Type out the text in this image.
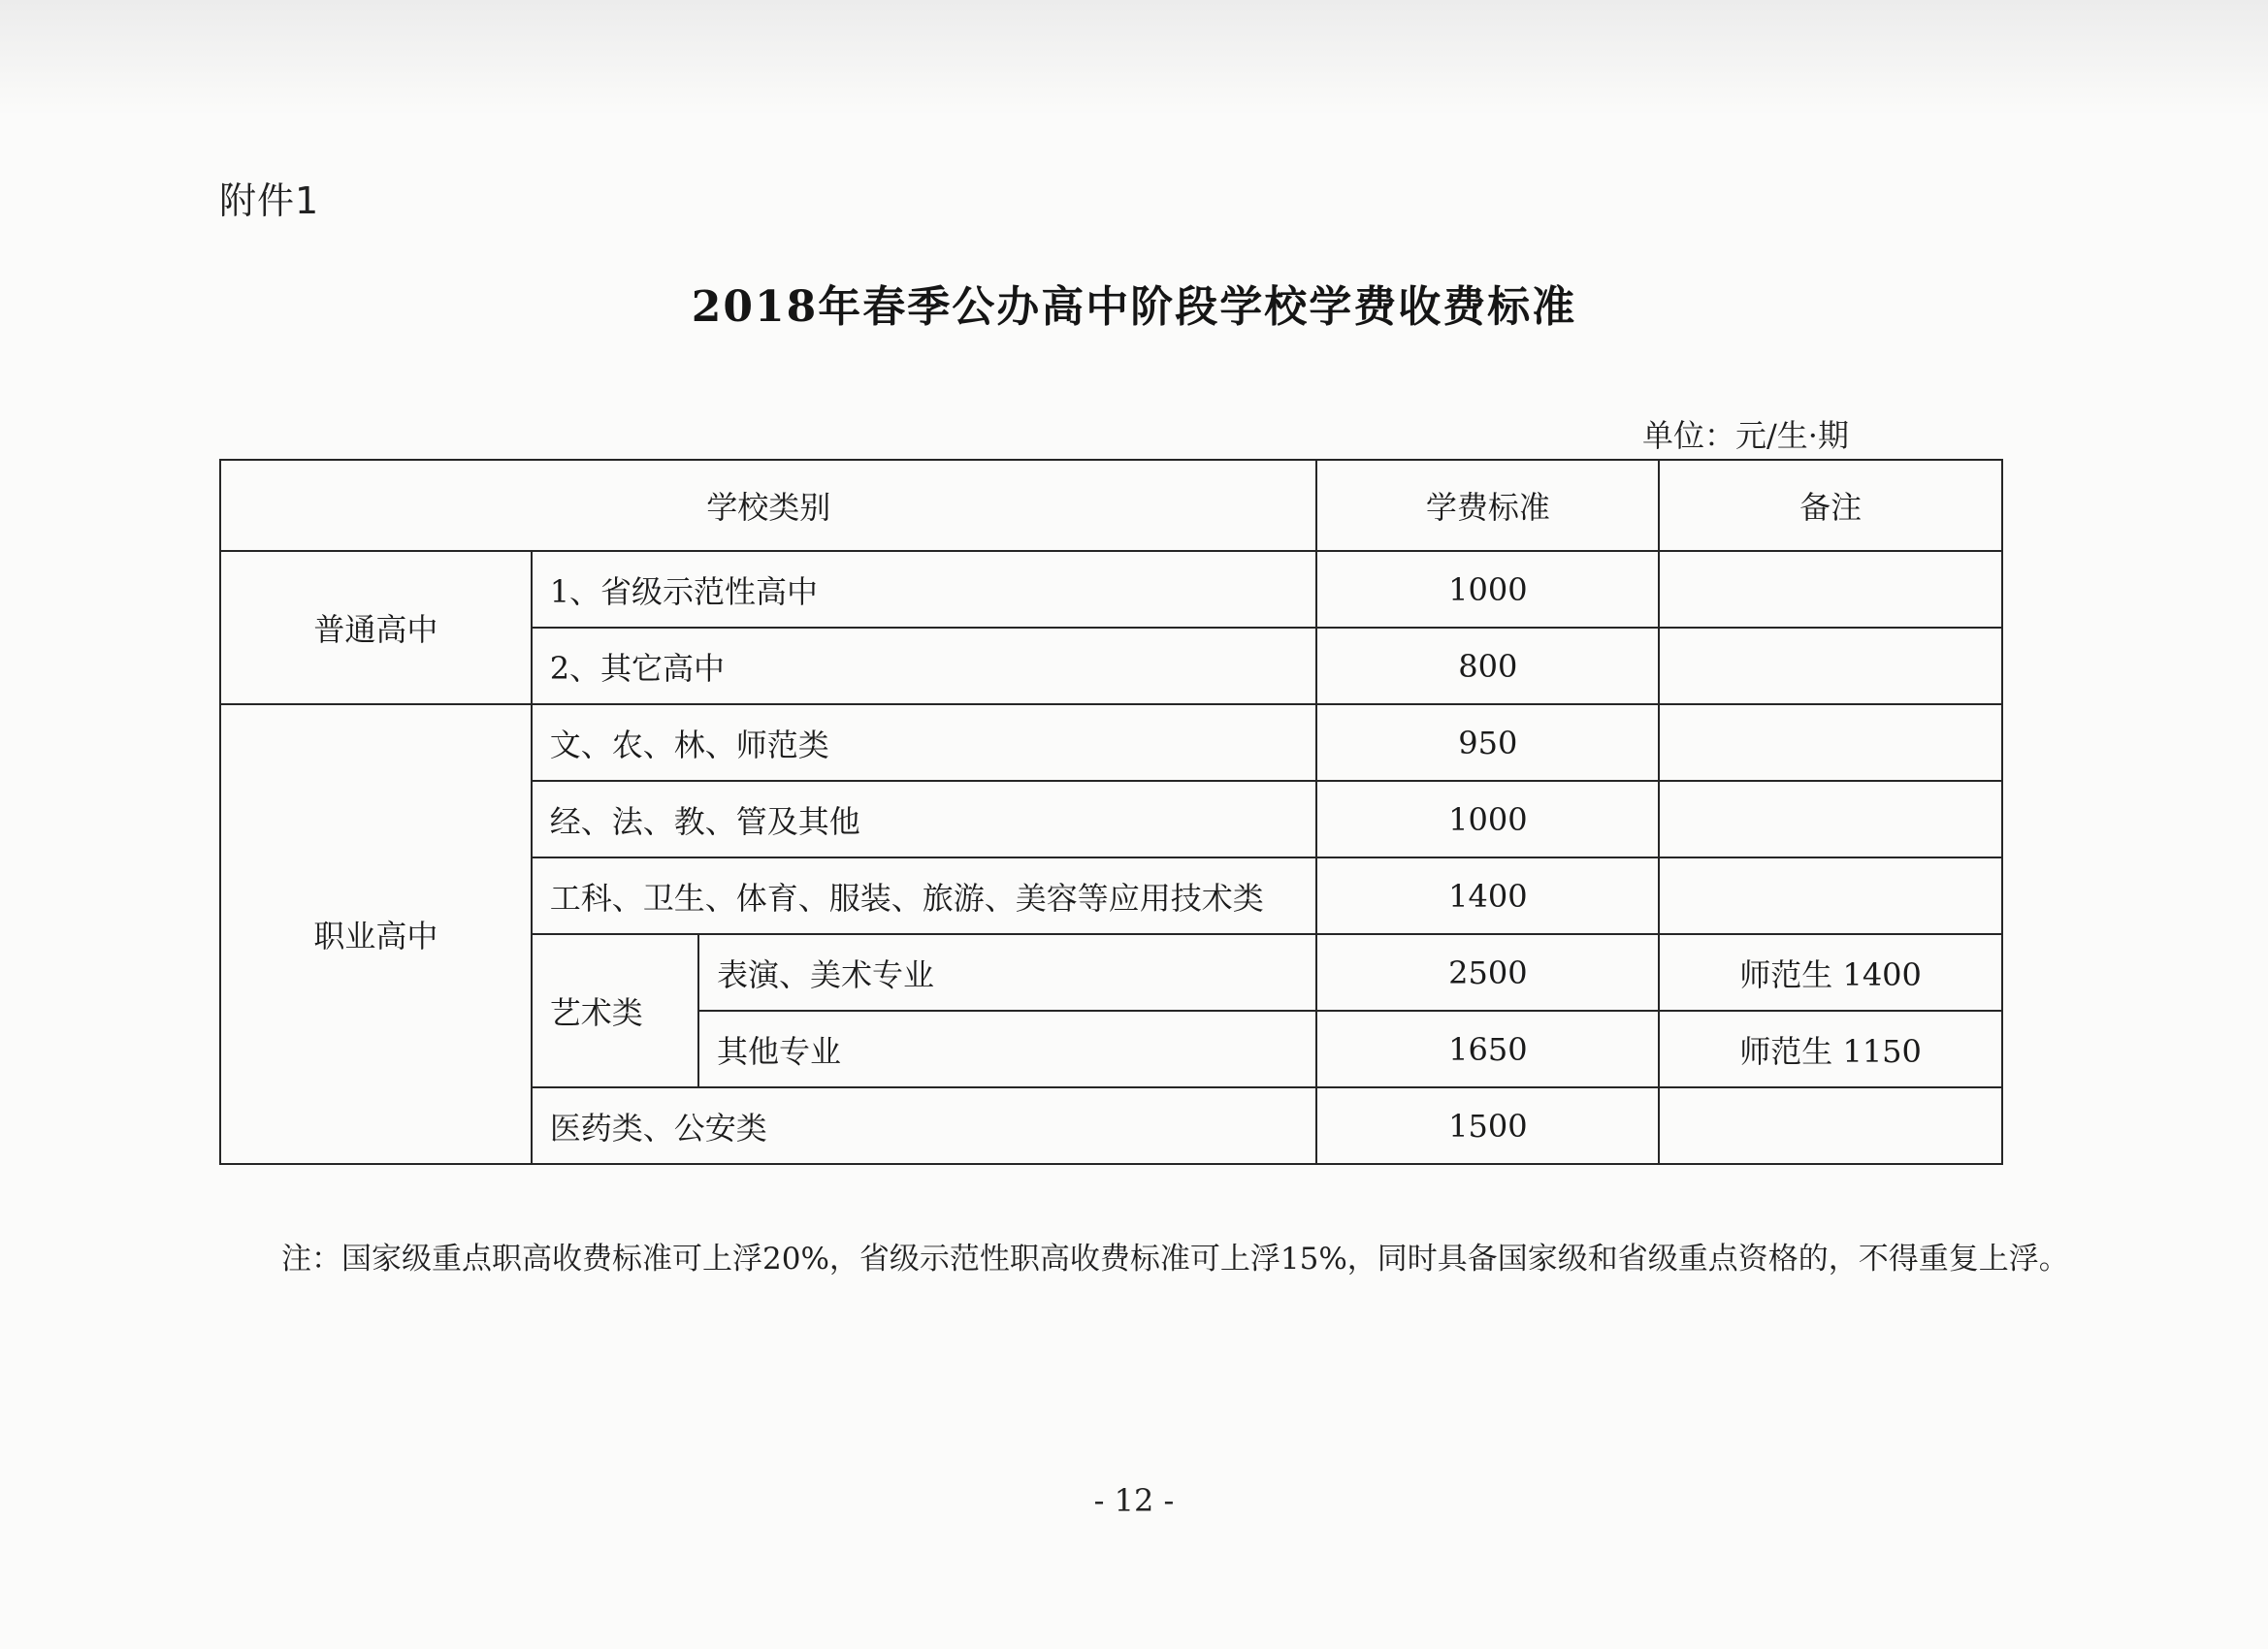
附件1
2018年春季公办高中阶段学校学费收费标准
单位：元/生·期
学校类别			学费标准	备注
普通高中	1、省级示范性高中		1000	
	2、其它高中		800	
职业高中	文、农、林、师范类		950	
	经、法、教、管及其他		1000	
	工科、卫生、体育、服装、旅游、美容等应用技术类		1400	
	艺术类	表演、美术专业	2500	师范生 1400
		其他专业	1650	师范生 1150
	医药类、公安类		1500	
注：国家级重点职高收费标准可上浮20%，省级示范性职高收费标准可上浮15%，同时具备国家级和省级重点资格的，不得重复上浮。
- 12 -
